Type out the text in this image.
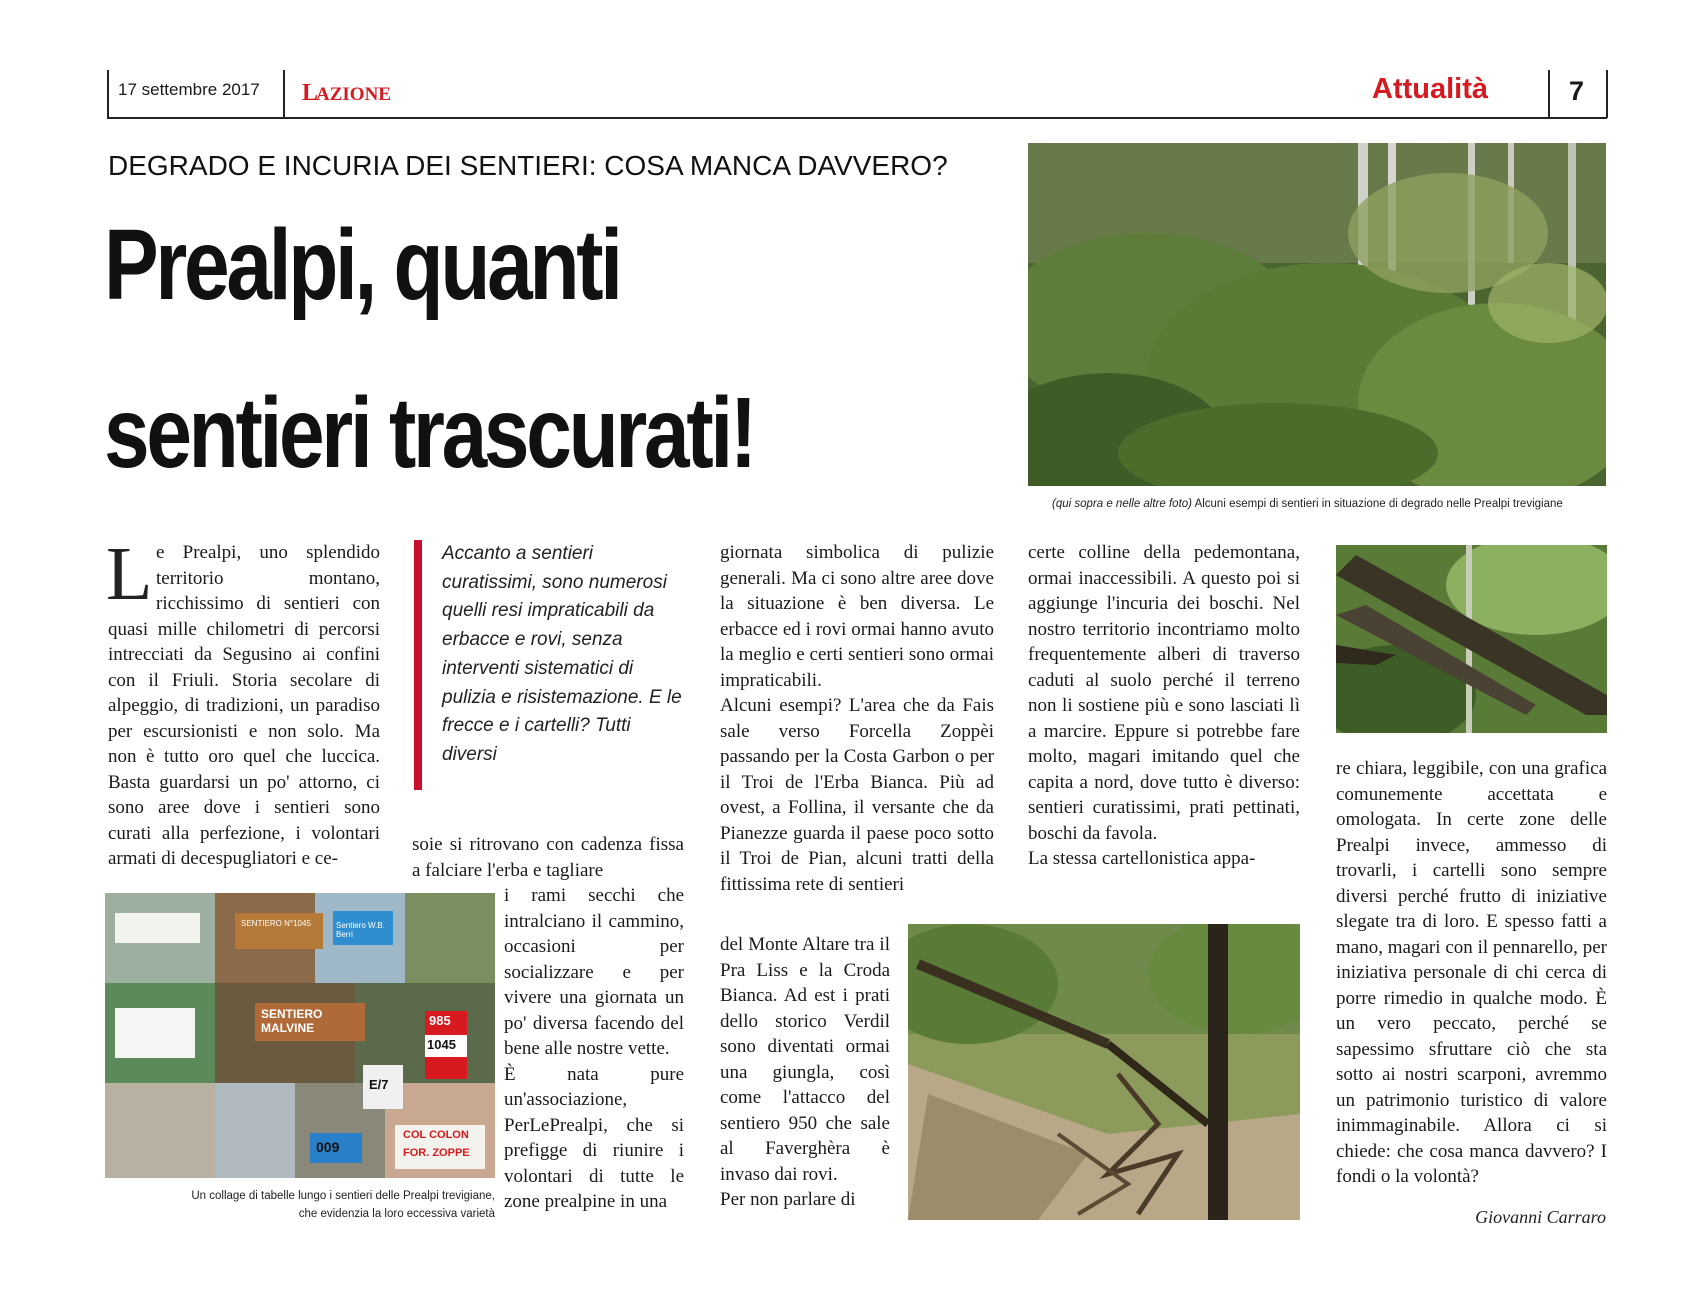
17 settembre 2017 L
AZIONE	Attualità	7
DEGRADO E INCURIA DEI SENTIERI: COSA MANCA DAVVERO?
Prealpi, quanti
sentieri trascurati!
(qui sopra e nelle altre foto) Alcuni esempi di sentieri in situazione di degrado nelle Prealpi trevigiane
L e Prealpi, uno splendido territorio montano, ricchissimo di sentieri con quasi mille chilometri di percorsi intrecciati da Segusino ai confini con il Friuli. Storia secolare di alpeggio, di tradizioni, un paradiso per escursionisti e non solo. Ma non è tutto oro quel che luccica. Basta guardarsi un po' attorno, ci sono aree dove i sentieri sono curati alla perfezione, i volontari armati di decespugliatori e ce-
Accanto a sentieri curatissimi, sono numerosi quelli resi impraticabili da erbacce e rovi, senza interventi sistematici di pulizia e risistemazione. E le frecce e i cartelli? Tutti diversi
soie si ritrovano con cadenza fissa a falciare l'erba e tagliare

i rami secchi che intralciano il cammino, occasioni per socializzare e per vivere una giornata un po' diversa facendo del bene alle nostre vette.

È nata pure un'associazione, PerLePrealpi, che si prefigge di riunire i volontari di tutte le zone prealpine in una

SENTIERO N°1045	Sentiero W.B. Berri
SENTIERO MALVINE	985
1045
E/7
009
COL COLON
FOR. ZOPPE
Un collage di tabelle lungo i sentieri delle Prealpi trevigiane,
che evidenzia la loro eccessiva varietà

giornata simbolica di pulizie generali. Ma ci sono altre aree dove la situazione è ben diversa. Le erbacce ed i rovi ormai hanno avuto la meglio e certi sentieri sono ormai impraticabili.

Alcuni esempi? L'area che da Fais sale verso Forcella Zoppèi passando per la Costa Garbon o per il Troi de l'Erba Bianca. Più ad ovest, a Follina, il versante che da Pianezze guarda il paese poco sotto il Troi de Pian, alcuni tratti della fittissima rete di sentieri

del Monte Altare tra il Pra Liss e la Croda Bianca. Ad est i prati dello storico Verdil sono diventati ormai una giungla, così come l'attacco del sentiero 950 che sale al Faverghèra è invaso dai rovi.

Per non parlare di

certe colline della pedemontana, ormai inaccessibili. A questo poi si aggiunge l'incuria dei boschi. Nel nostro territorio incontriamo molto frequentemente alberi di traverso caduti al suolo perché il terreno non li sostiene più e sono lasciati lì a marcire. Eppure si potrebbe fare molto, magari imitando quel che capita a nord, dove tutto è diverso: sentieri curatissimi, prati pettinati, boschi da favola.

La stessa cartellonistica appa-

re chiara, leggibile, con una grafica comunemente accettata e omologata. In certe zone delle Prealpi invece, ammesso di trovarli, i cartelli sono sempre diversi perché frutto di iniziative slegate tra di loro. E spesso fatti a mano, magari con il pennarello, per iniziativa personale di chi cerca di porre rimedio in qualche modo. È un vero peccato, perché se sapessimo sfruttare ciò che sta sotto ai nostri scarponi, avremmo un patrimonio turistico di valore inimmaginabile. Allora ci si chiede: che cosa manca davvero? I fondi o la volontà?
Giovanni Carraro
